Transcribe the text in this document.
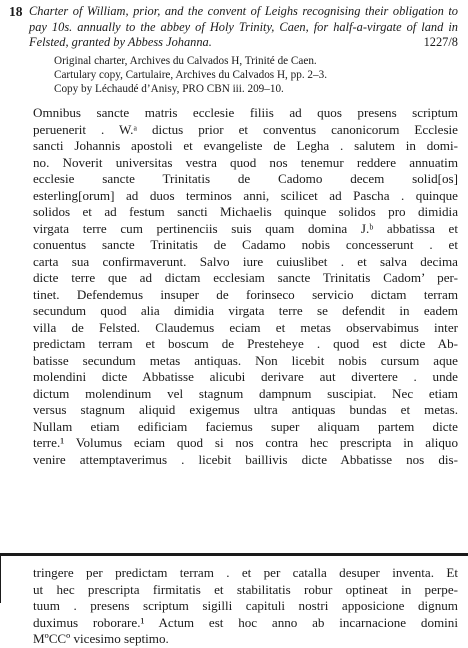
18 Charter of William, prior, and the convent of Leighs recognising their obligation to pay 10s. annually to the abbey of Holy Trinity, Caen, for half-a-virgate of land in Felsted, granted by Abbess Johanna.	1227/8
Original charter, Archives du Calvados H, Trinité de Caen.
Cartulary copy, Cartulaire, Archives du Calvados H, pp. 2–3.
Copy by Léchaudé d’Anisy, PRO CBN iii. 209–10.
Omnibus sancte matris ecclesie filiis ad quos presens scriptum
peruenerit . W.ᵃ dictus prior et conventus canonicorum Ecclesie
sancti Johannis apostoli et evangeliste de Legha . salutem in domi-
no. Noverit universitas vestra quod nos tenemur reddere annuatim
ecclesie sancte Trinitatis de Cadomo decem solid[os]
esterling[orum] ad duos terminos anni, scilicet ad Pascha . quinque
solidos et ad festum sancti Michaelis quinque solidos pro dimidia
virgata terre cum pertinenciis suis quam domina J.ᵇ abbatissa et
conuentus sancte Trinitatis de Cadamo nobis concesserunt . et
carta sua confirmaverunt. Salvo iure cuiuslibet . et salva decima
dicte terre que ad dictam ecclesiam sancte Trinitatis Cadom’ per-
tinet. Defendemus insuper de forinseco servicio dictam terram
secundum quod alia dimidia virgata terre se defendit in eadem
villa de Felsted. Claudemus eciam et metas observabimus inter
predictam terram et boscum de Presteheye . quod est dicte Ab-
batisse secundum metas antiquas. Non licebit nobis cursum aque
molendini dicte Abbatisse alicubi derivare aut divertere . unde
dictum molendinum vel stagnum dampnum suscipiat. Nec etiam
versus stagnum aliquid exigemus ultra antiquas bundas et metas.
Nullam etiam edificiam faciemus super aliquam partem dicte
terre.¹ Volumus eciam quod si nos contra hec prescripta in aliquo
venire attemptaverimus . licebit baillivis dicte Abbatisse nos dis-
tringere per predictam terram . et per catalla desuper inventa. Et
ut hec prescripta firmitatis et stabilitatis robur optineat in perpe-
tuum . presens scriptum sigilli capituli nostri apposicione dignum
duximus roborare.¹ Actum est hoc anno ab incarnacione domini
MºCCº vicesimo septimo.
